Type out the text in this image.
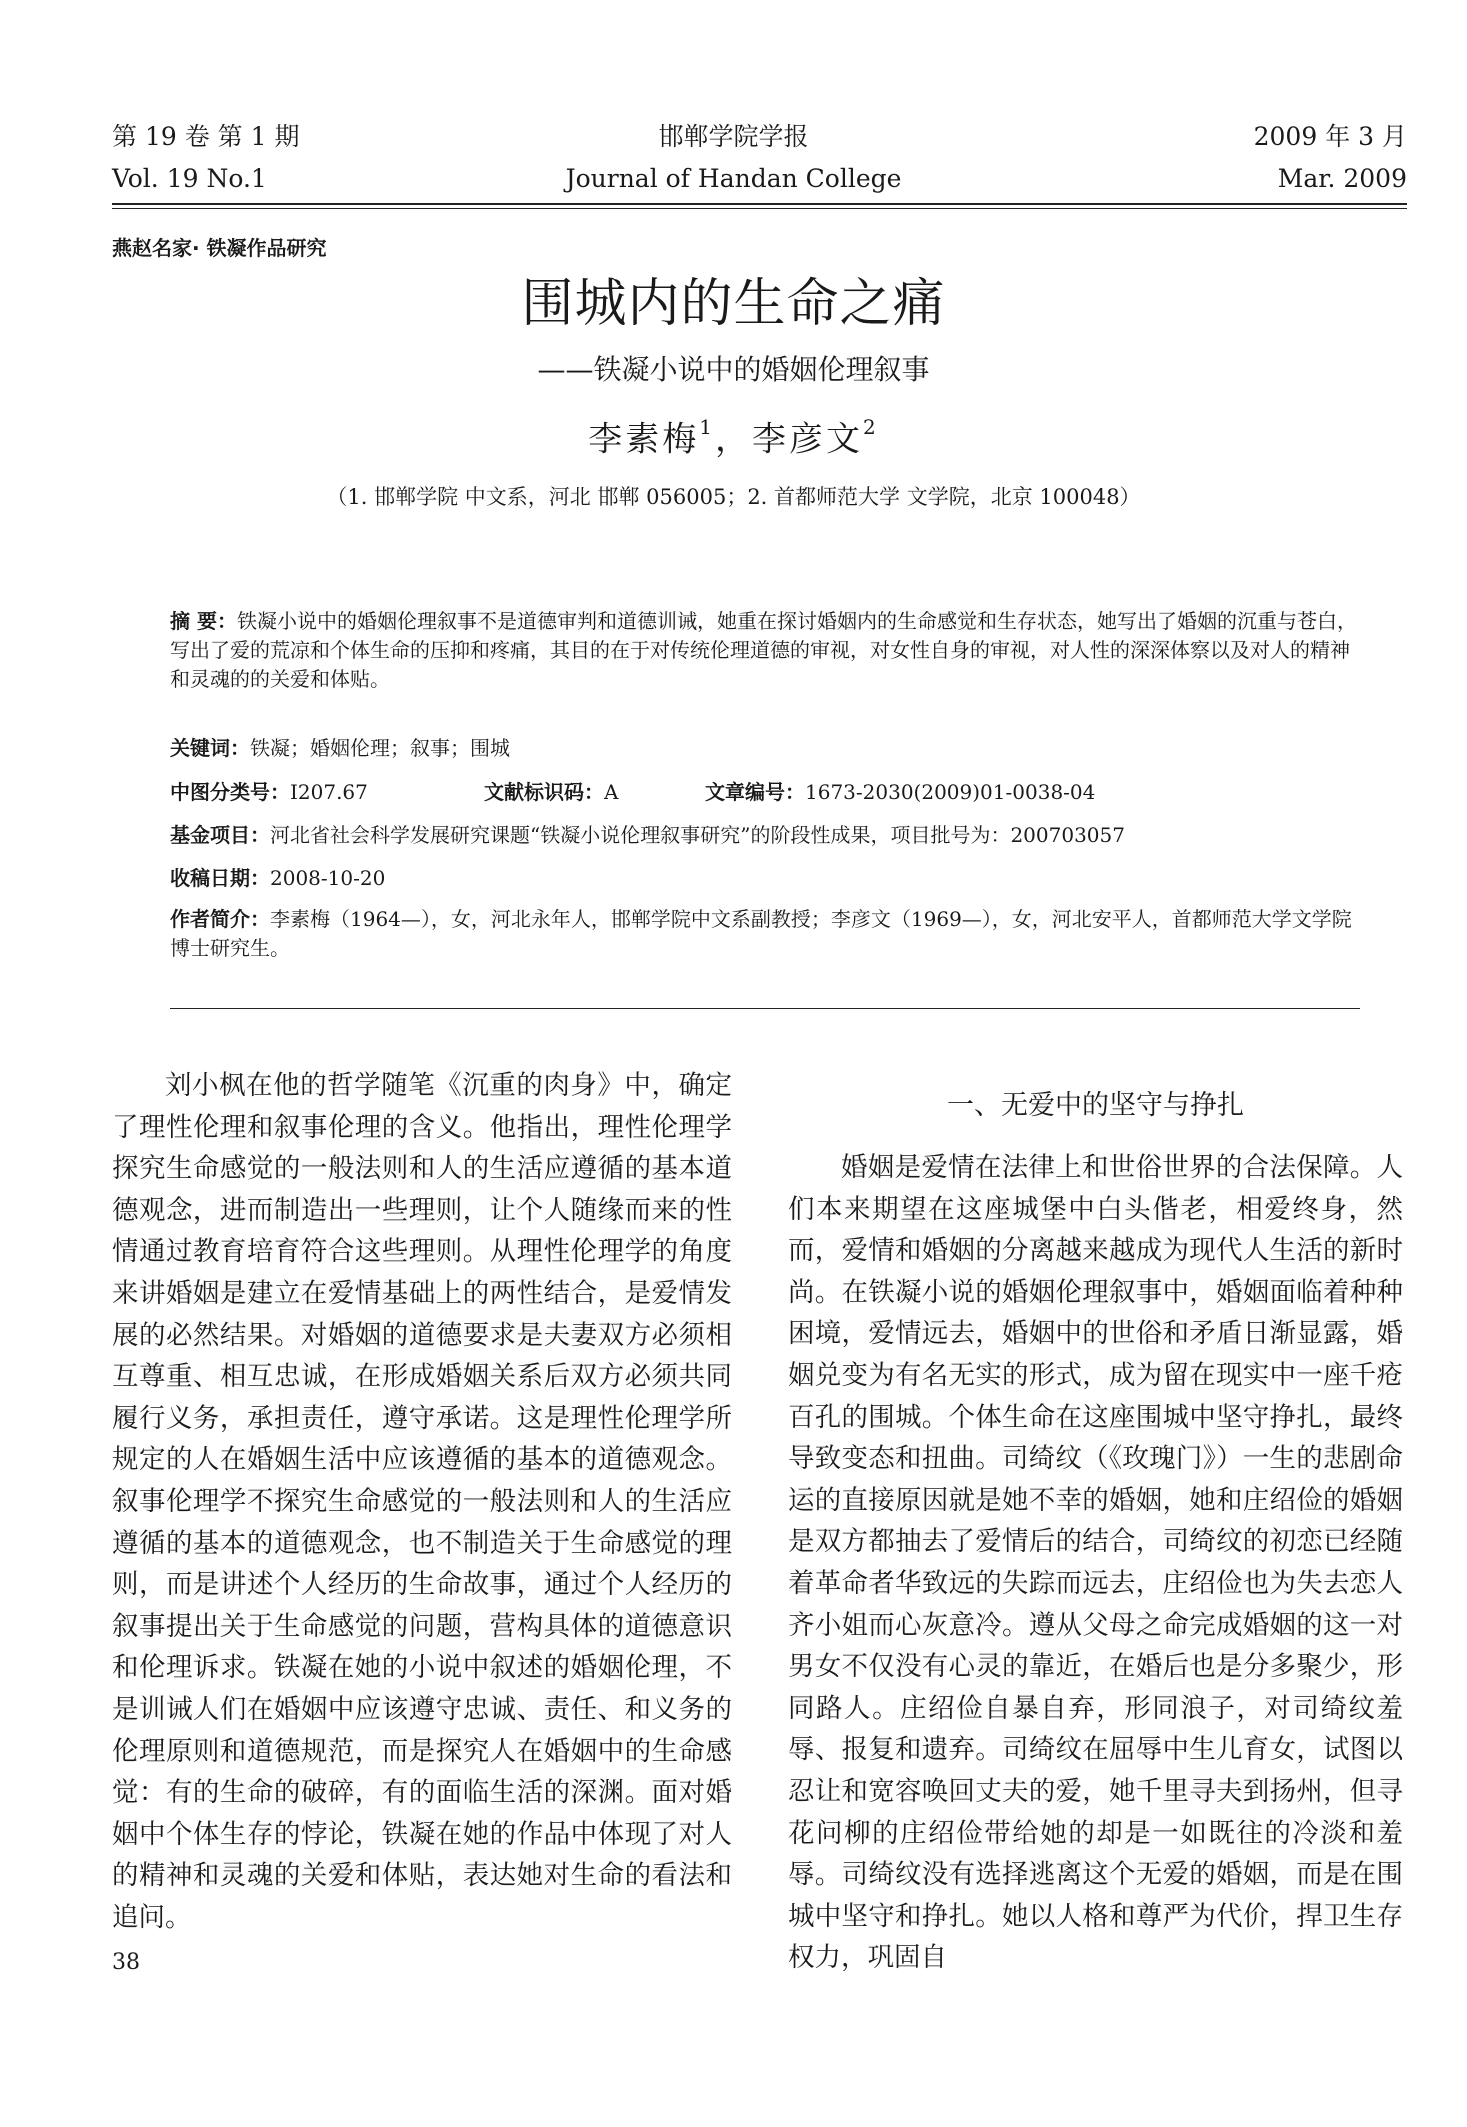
第 19 卷 第 1 期	邯郸学院学报	2009 年 3 月
Vol. 19 No.1	Journal of Handan College	Mar. 2009
燕赵名家· 铁凝作品研究
围城内的生命之痛
——铁凝小说中的婚姻伦理叙事
李素梅$^1$，李彦文$^2$
（1. 邯郸学院 中文系，河北 邯郸 056005；2. 首都师范大学 文学院，北京 100048）
摘 要：铁凝小说中的婚姻伦理叙事不是道德审判和道德训诫，她重在探讨婚姻内的生命感觉和生存状态，她写出了婚姻的沉重与苍白，写出了爱的荒凉和个体生命的压抑和疼痛，其目的在于对传统伦理道德的审视，对女性自身的审视，对人性的深深体察以及对人的精神和灵魂的的关爱和体贴。
关键词：铁凝；婚姻伦理；叙事；围城
中图分类号：I207.67	文献标识码：A	文章编号：1673-2030(2009)01-0038-04
基金项目：河北省社会科学发展研究课题“铁凝小说伦理叙事研究”的阶段性成果，项目批号为：200703057
收稿日期：2008-10-20
作者简介：李素梅（1964—），女，河北永年人，邯郸学院中文系副教授；李彦文（1969—），女，河北安平人，首都师范大学文学院博士研究生。

刘小枫在他的哲学随笔《沉重的肉身》中，确定了理性伦理和叙事伦理的含义。他指出，理性伦理学探究生命感觉的一般法则和人的生活应遵循的基本道德观念，进而制造出一些理则，让个人随缘而来的性情通过教育培育符合这些理则。从理性伦理学的角度来讲婚姻是建立在爱情基础上的两性结合，是爱情发展的必然结果。对婚姻的道德要求是夫妻双方必须相互尊重、相互忠诚，在形成婚姻关系后双方必须共同履行义务，承担责任，遵守承诺。这是理性伦理学所规定的人在婚姻生活中应该遵循的基本的道德观念。叙事伦理学不探究生命感觉的一般法则和人的生活应遵循的基本的道德观念，也不制造关于生命感觉的理则，而是讲述个人经历的生命故事，通过个人经历的叙事提出关于生命感觉的问题，营构具体的道德意识和伦理诉求。铁凝在她的小说中叙述的婚姻伦理，不是训诫人们在婚姻中应该遵守忠诚、责任、和义务的伦理原则和道德规范，而是探究人在婚姻中的生命感觉：有的生命的破碎，有的面临生活的深渊。面对婚姻中个体生存的悖论，铁凝在她的作品中体现了对人的精神和灵魂的关爱和体贴，表达她对生命的看法和追问。

一、无爱中的坚守与挣扎

婚姻是爱情在法律上和世俗世界的合法保障。人们本来期望在这座城堡中白头偕老，相爱终身，然而，爱情和婚姻的分离越来越成为现代人生活的新时尚。在铁凝小说的婚姻伦理叙事中，婚姻面临着种种困境，爱情远去，婚姻中的世俗和矛盾日渐显露，婚姻兑变为有名无实的形式，成为留在现实中一座千疮百孔的围城。个体生命在这座围城中坚守挣扎，最终导致变态和扭曲。司绮纹（《玫瑰门》）一生的悲剧命运的直接原因就是她不幸的婚姻，她和庄绍俭的婚姻是双方都抽去了爱情后的结合，司绮纹的初恋已经随着革命者华致远的失踪而远去，庄绍俭也为失去恋人齐小姐而心灰意冷。遵从父母之命完成婚姻的这一对男女不仅没有心灵的靠近，在婚后也是分多聚少，形同路人。庄绍俭自暴自弃，形同浪子，对司绮纹羞辱、报复和遗弃。司绮纹在屈辱中生儿育女，试图以忍让和宽容唤回丈夫的爱，她千里寻夫到扬州，但寻花问柳的庄绍俭带给她的却是一如既往的冷淡和羞辱。司绮纹没有选择逃离这个无爱的婚姻，而是在围城中坚守和挣扎。她以人格和尊严为代价，捍卫生存权力，巩固自

38
